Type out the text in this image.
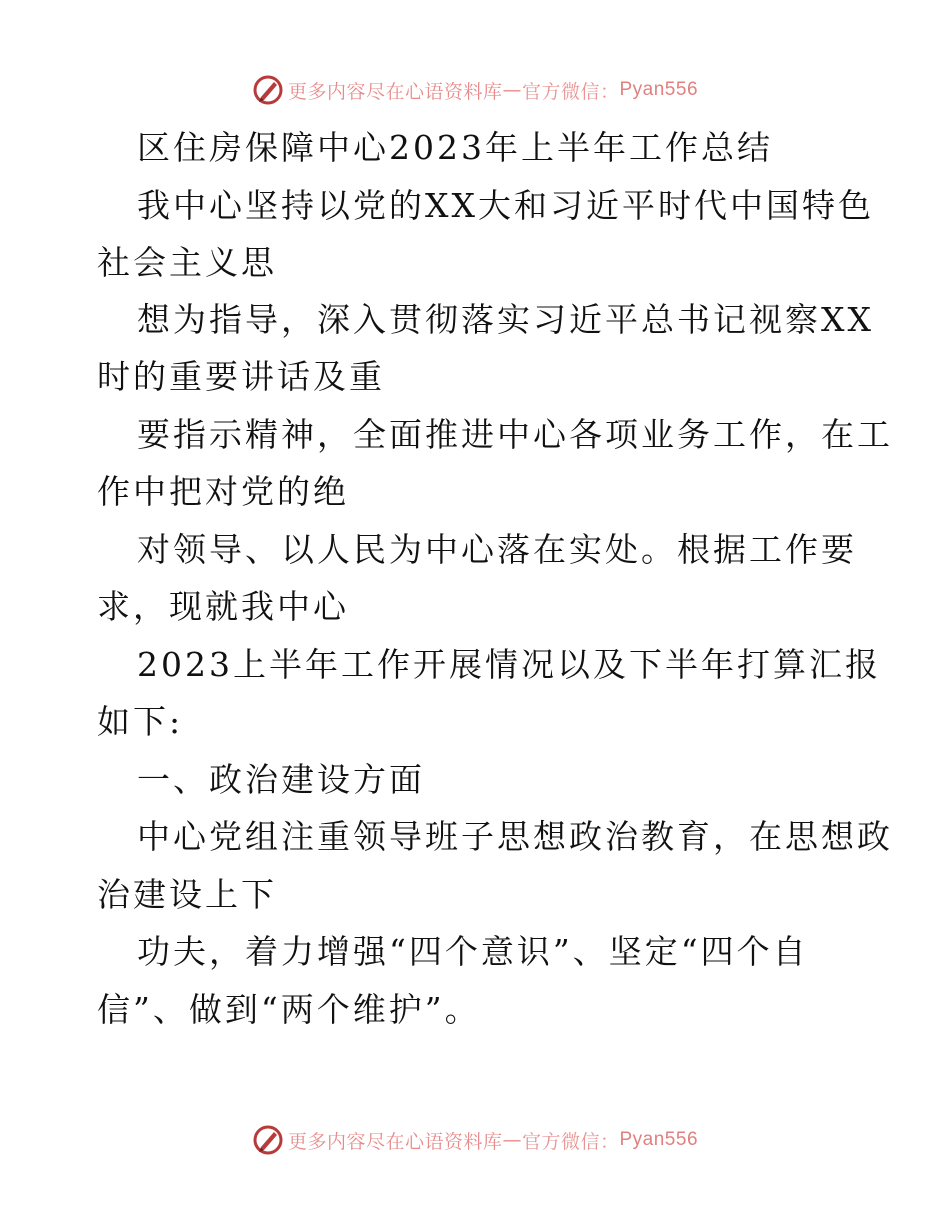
更多内容尽在心语资料库 — 官方微信： Pyan556
区住房保障中心2023年上半年工作总结
我中心坚持以党的XX大和习近平时代中国特色
社会主义思
想为指导，深入贯彻落实习近平总书记视察XX
时的重要讲话及重
要指示精神，全面推进中心各项业务工作，在工
作中把对党的绝
对领导、以人民为中心落在实处。根据工作要
求，现就我中心
2023上半年工作开展情况以及下半年打算汇报
如下:
一、政治建设方面
中心党组注重领导班子思想政治教育，在思想政
治建设上下
功夫，着力增强“四个意识”、坚定“四个自
信”、做到“两个维护”。
更多内容尽在心语资料库 — 官方微信： Pyan556
